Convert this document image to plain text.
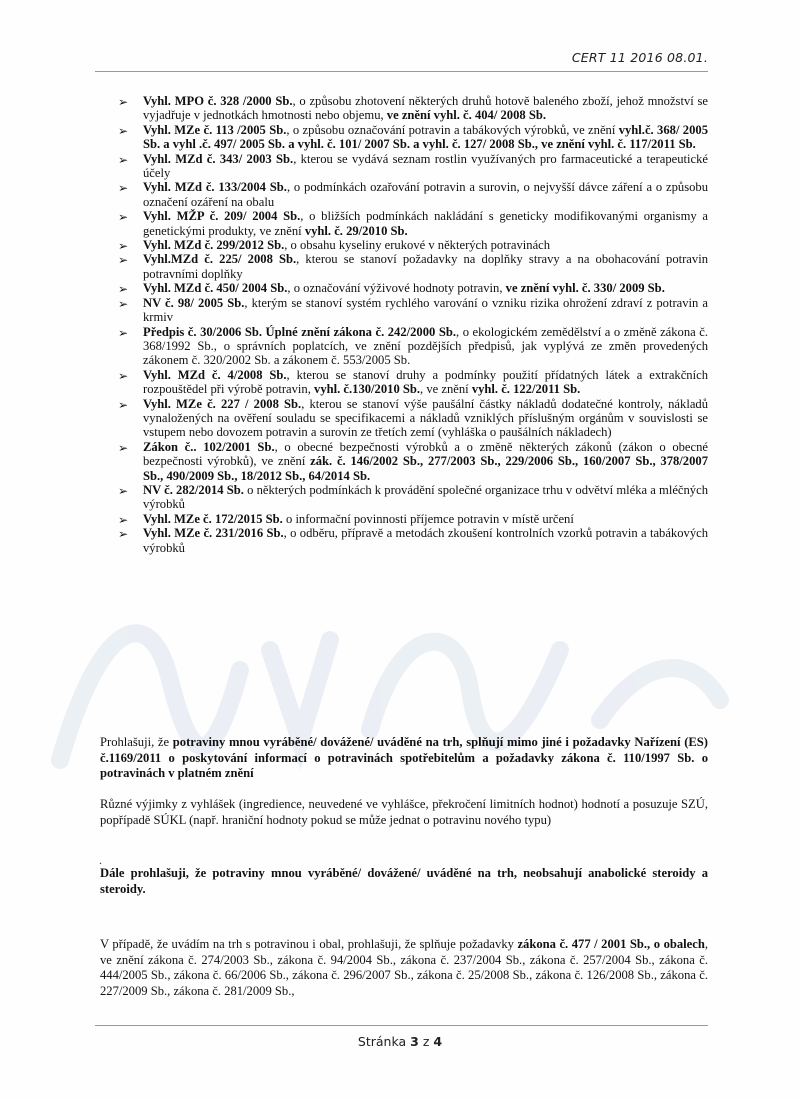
CERT 11 2016 08.01.
➢ Vyhl. MPO č. 328 /2000 Sb., o způsobu zhotovení některých druhů hotově baleného zboží, jehož množství se vyjadřuje v jednotkách hmotnosti nebo objemu, ve znění vyhl. č. 404/ 2008 Sb.
➢ Vyhl. MZe č. 113 /2005 Sb., o způsobu označování potravin a tabákových výrobků, ve znění vyhl.č. 368/ 2005 Sb. a vyhl .č. 497/ 2005 Sb. a vyhl. č. 101/ 2007 Sb. a vyhl. č. 127/ 2008 Sb., ve znění vyhl. č. 117/2011 Sb.
➢ Vyhl. MZd č. 343/ 2003 Sb., kterou se vydává seznam rostlin využívaných pro farmaceutické a terapeutické účely
➢ Vyhl. MZd č. 133/2004 Sb., o podmínkách ozařování potravin a surovin, o nejvyšší dávce záření a o způsobu označení ozáření na obalu
➢ Vyhl. MŽP č. 209/ 2004 Sb., o bližších podmínkách nakládání s geneticky modifikovanými organismy a genetickými produkty, ve znění vyhl. č. 29/2010 Sb.
➢ Vyhl. MZd č. 299/2012 Sb., o obsahu kyseliny erukové v některých potravinách
➢ Vyhl.MZd č. 225/ 2008 Sb., kterou se stanoví požadavky na doplňky stravy a na obohacování potravin potravními doplňky
➢ Vyhl. MZd č. 450/ 2004 Sb., o označování výživové hodnoty potravin, ve znění vyhl. č. 330/ 2009 Sb.
➢ NV č. 98/ 2005 Sb., kterým se stanoví systém rychlého varování o vzniku rizika ohrožení zdraví z potravin a krmiv
➢ Předpis č. 30/2006 Sb. Úplné znění zákona č. 242/2000 Sb., o ekologickém zemědělství a o změně zákona č. 368/1992 Sb., o správních poplatcích, ve znění pozdějších předpisů, jak vyplývá ze změn provedených zákonem č. 320/2002 Sb. a zákonem č. 553/2005 Sb.
➢ Vyhl. MZd č. 4/2008 Sb., kterou se stanoví druhy a podmínky použití přídatných látek a extrakčních rozpouštědel při výrobě potravin, vyhl. č.130/2010 Sb., ve znění vyhl. č. 122/2011 Sb.
➢ Vyhl. MZe č. 227 / 2008 Sb., kterou se stanoví výše paušální částky nákladů dodatečné kontroly, nákladů vynaložených na ověření souladu se specifikacemi a nákladů vzniklých příslušným orgánům v souvislosti se vstupem nebo dovozem potravin a surovin ze třetích zemí (vyhláška o paušálních nákladech)
➢ Zákon č.. 102/2001 Sb., o obecné bezpečnosti výrobků a o změně některých zákonů (zákon o obecné bezpečnosti výrobků), ve znění zák. č. 146/2002 Sb., 277/2003 Sb., 229/2006 Sb., 160/2007 Sb., 378/2007 Sb., 490/2009 Sb., 18/2012 Sb., 64/2014 Sb.
➢ NV č. 282/2014 Sb. o některých podmínkách k provádění společné organizace trhu v odvětví mléka a mléčných výrobků
➢ Vyhl. MZe č. 172/2015 Sb. o informační povinnosti příjemce potravin v místě určení
➢ Vyhl. MZe č. 231/2016 Sb., o odběru, přípravě a metodách zkoušení kontrolních vzorků potravin a tabákových výrobků
Prohlašuji, že potraviny mnou vyráběné/ dovážené/ uváděné na trh, splňují mimo jiné i požadavky Nařízení (ES) č.1169/2011 o poskytování informací o potravinách spotřebitelům a požadavky zákona č. 110/1997 Sb. o potravinách v platném znění
Různé výjimky z vyhlášek (ingredience, neuvedené ve vyhlášce, překročení limitních hodnot) hodnotí a posuzuje SZÚ, popřípadě SÚKL (např. hraniční hodnoty pokud se může jednat o potravinu nového typu)
.
Dále prohlašuji, že potraviny mnou vyráběné/ dovážené/ uváděné na trh, neobsahují anabolické steroidy a steroidy.
V případě, že uvádím na trh s potravinou i obal, prohlašuji, že splňuje požadavky zákona č. 477 / 2001 Sb., o obalech, ve znění zákona č. 274/2003 Sb., zákona č. 94/2004 Sb., zákona č. 237/2004 Sb., zákona č. 257/2004 Sb., zákona č. 444/2005 Sb., zákona č. 66/2006 Sb., zákona č. 296/2007 Sb., zákona č. 25/2008 Sb., zákona č. 126/2008 Sb., zákona č. 227/2009 Sb., zákona č. 281/2009 Sb.,
Stránka 3 z 4
